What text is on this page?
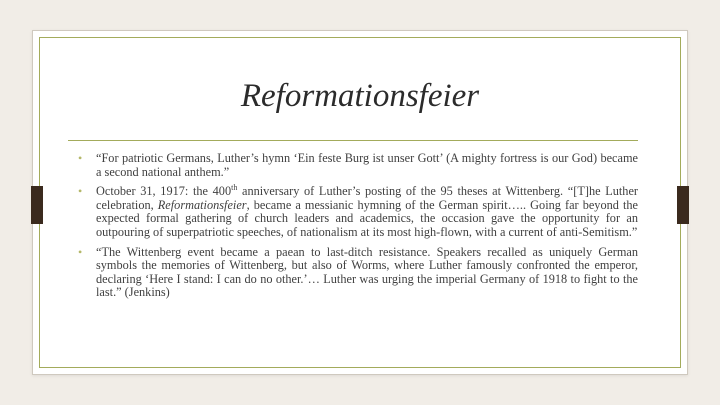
Reformationsfeier
• “For patriotic Germans, Luther’s hymn ‘Ein feste Burg ist unser Gott’ (A mighty fortress is our God) became a second national anthem.”
• October 31, 1917: the 400th anniversary of Luther’s posting of the 95 theses at Wittenberg. “[T]he Luther celebration, Reformationsfeier, became a messianic hymning of the German spirit….. Going far beyond the expected formal gathering of church leaders and academics, the occasion gave the opportunity for an outpouring of superpatriotic speeches, of nationalism at its most high-flown, with a current of anti-Semitism.”
• “The Wittenberg event became a paean to last-ditch resistance. Speakers recalled as uniquely German symbols the memories of Wittenberg, but also of Worms, where Luther famously confronted the emperor, declaring ‘Here I stand: I can do no other.’… Luther was urging the imperial Germany of 1918 to fight to the last.” (Jenkins)
